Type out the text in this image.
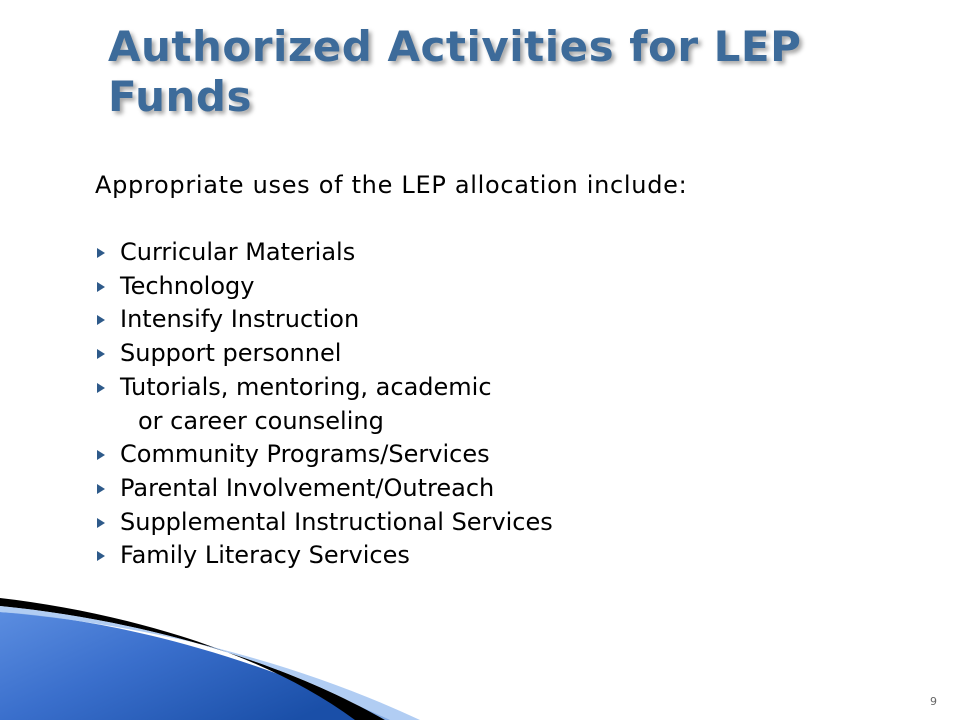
Authorized Activities for LEP Funds
Appropriate uses of the LEP allocation include:
Curricular Materials
Technology
Intensify Instruction
Support personnel
Tutorials, mentoring, academic
or career counseling
Community Programs/Services
Parental Involvement/Outreach
Supplemental Instructional Services
Family Literacy Services
9
